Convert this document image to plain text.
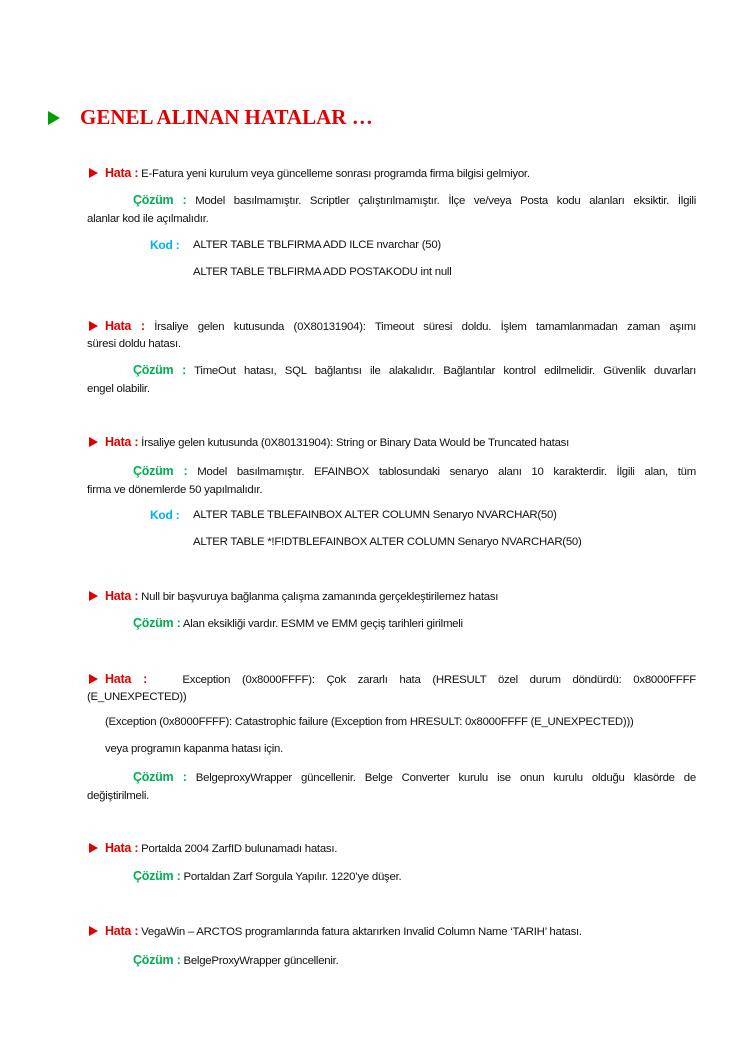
GENEL ALINAN HATALAR …
Hata : E-Fatura yeni kurulum veya güncelleme sonrası programda firma bilgisi gelmiyor.
Çözüm : Model basılmamıştır. Scriptler çalıştırılmamıştır. İlçe ve/veya Posta kodu alanları eksiktir. İlgili
alanlar kod ile açılmalıdır.
Kod : ALTER TABLE TBLFIRMA ADD ILCE nvarchar (50)
ALTER TABLE TBLFIRMA ADD POSTAKODU int null
Hata : İrsaliye gelen kutusunda (0X80131904): Timeout süresi doldu. İşlem tamamlanmadan zaman aşımı
süresi doldu hatası.
Çözüm : TimeOut hatası, SQL bağlantısı ile alakalıdır. Bağlantılar kontrol edilmelidir. Güvenlik duvarları
engel olabilir.
Hata : İrsaliye gelen kutusunda (0X80131904): String or Binary Data Would be Truncated hatası
Çözüm : Model basılmamıştır. EFAINBOX tablosundaki senaryo alanı 10 karakterdir. İlgili alan, tüm
firma ve dönemlerde 50 yapılmalıdır.
Kod : ALTER TABLE TBLEFAINBOX ALTER COLUMN Senaryo NVARCHAR(50)
ALTER TABLE *!F!DTBLEFAINBOX ALTER COLUMN Senaryo NVARCHAR(50)
Hata : Null bir başvuruya bağlanma çalışma zamanında gerçekleştirilemez hatası
Çözüm : Alan eksikliği vardır. ESMM ve EMM geçiş tarihleri girilmeli
Hata :	Exception (0x8000FFFF): Çok zararlı hata (HRESULT özel durum döndürdü: 0x8000FFFF
(E_UNEXPECTED))
(Exception (0x8000FFFF): Catastrophic failure (Exception from HRESULT: 0x8000FFFF (E_UNEXPECTED)))
veya programın kapanma hatası için.
Çözüm : BelgeproxyWrapper güncellenir. Belge Converter kurulu ise onun kurulu olduğu klasörde de
değiştirilmeli.
Hata : Portalda 2004 ZarfID bulunamadı hatası.
Çözüm : Portaldan Zarf Sorgula Yapılır. 1220’ye düşer.
Hata : VegaWin – ARCTOS programlarında fatura aktarırken Invalid Column Name ‘TARIH’ hatası.
Çözüm : BelgeProxyWrapper güncellenir.
